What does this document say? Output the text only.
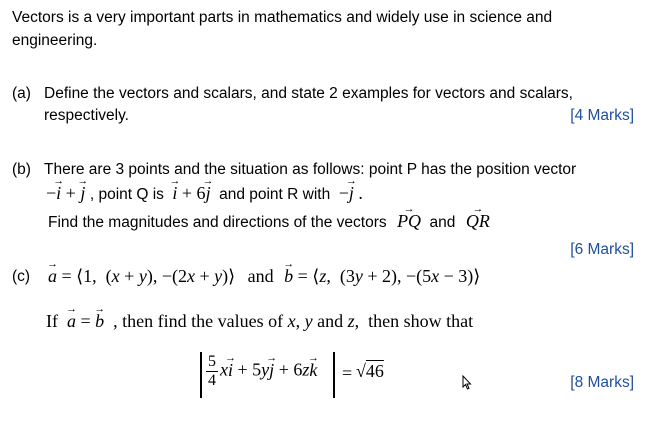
Vectors is a very important parts in mathematics and widely use in science and
engineering.
(a) Define the vectors and scalars, and state 2 examples for vectors and scalars,
respectively.	[4 Marks]
(b) There are 3 points and the situation as follows: point P has the position vector
−→ i + → j , point Q is → i + 6→ j and point R with −→ j .
Find the magnitudes and directions of the vectors → PQ and → QR
[6 Marks]
(c) → a = ⟨1,  (x + y), −(2x + y)⟩ and → b = ⟨z,  (3y + 2), −(5x − 3)⟩
If  → a = → b  , then find the values of x, y and z,  then show that
$\frac{5}{4} x\to i + 5y\to j + 6z\to k = √46$
[8 Marks]
